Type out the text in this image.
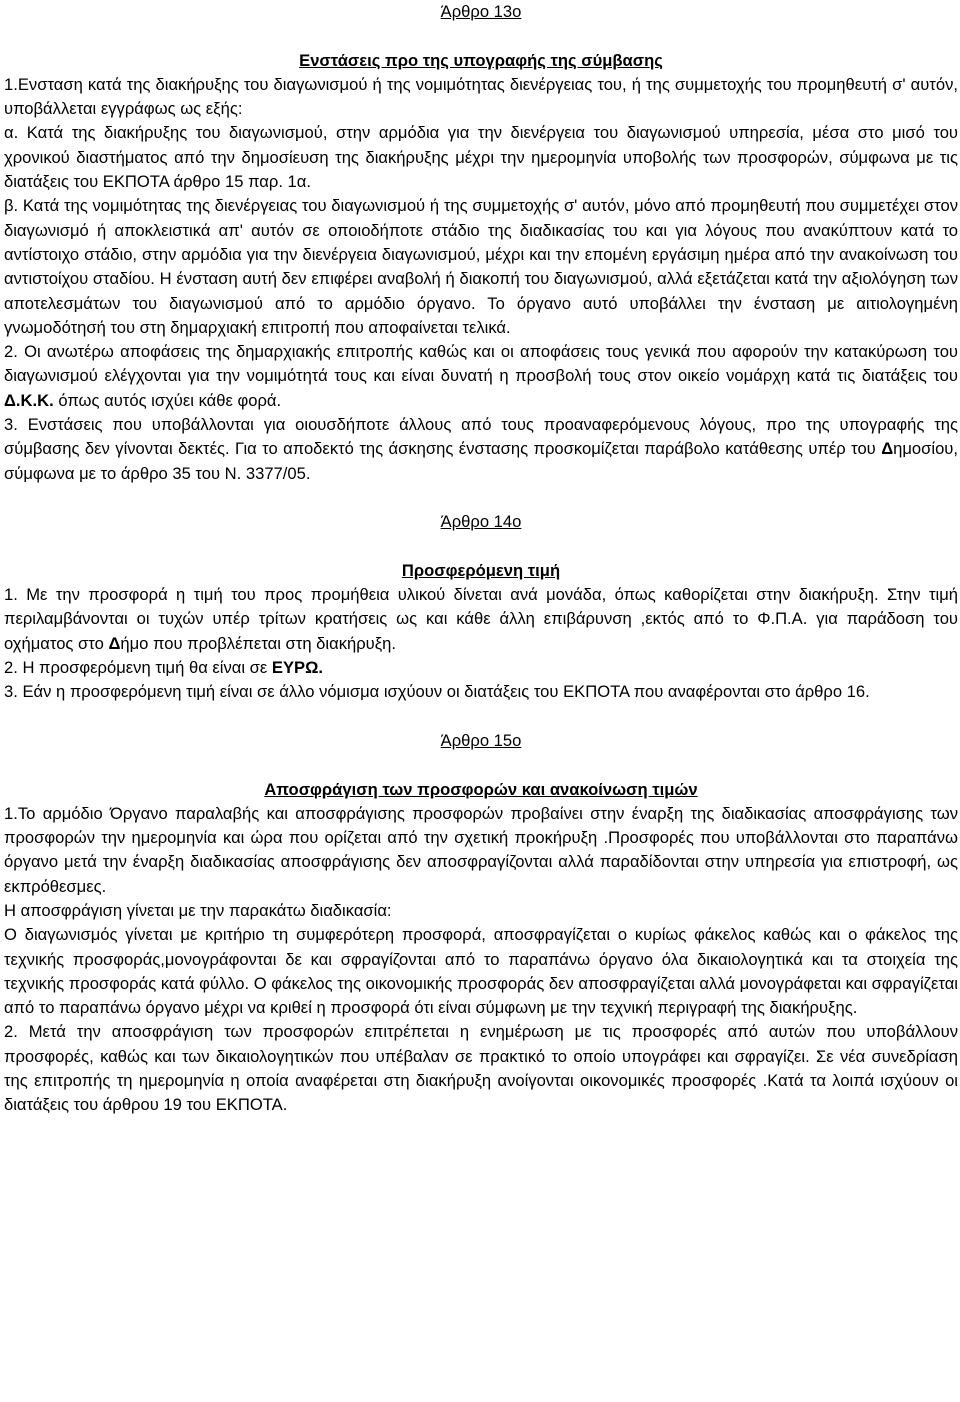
Άρθρο 13ο

Ενστάσεις προ της υπογραφής της σύμβασης

1.Ενσταση κατά της διακήρυξης του διαγωνισμού ή της νομιμότητας διενέργειας του, ή της συμμετοχής του προμηθευτή σ' αυτόν, υποβάλλεται εγγράφως ως εξής:

α. Κατά της διακήρυξης του διαγωνισμού, στην αρμόδια για την διενέργεια του διαγωνισμού υπηρεσία, μέσα στο μισό του χρονικού διαστήματος από την δημοσίευση της διακήρυξης μέχρι την ημερομηνία υποβολής των προσφορών, σύμφωνα με τις διατάξεις του ΕΚΠΟΤΑ άρθρο 15 παρ. 1α.

β. Κατά της νομιμότητας της διενέργειας του διαγωνισμού ή της συμμετοχής σ' αυτόν, μόνο από προμηθευτή που συμμετέχει στον διαγωνισμό ή αποκλειστικά απ' αυτόν σε οποιοδήποτε στάδιο της διαδικασίας του και για λόγους που ανακύπτουν κατά το αντίστοιχο στάδιο, στην αρμόδια για την διενέργεια διαγωνισμού, μέχρι και την επομένη εργάσιμη ημέρα από την ανακοίνωση του αντιστοίχου σταδίου. Η ένσταση αυτή δεν επιφέρει αναβολή ή διακοπή του διαγωνισμού, αλλά εξετάζεται κατά την αξιολόγηση των αποτελεσμάτων του διαγωνισμού από το αρμόδιο όργανο. Το όργανο αυτό υποβάλλει την ένσταση με αιτιολογημένη γνωμοδότησή του στη δημαρχιακή επιτροπή που αποφαίνεται τελικά.

2. Οι ανωτέρω αποφάσεις της δημαρχιακής επιτροπής καθώς και οι αποφάσεις τους γενικά που αφορούν την κατακύρωση του διαγωνισμού ελέγχονται για την νομιμότητά τους και είναι δυνατή η προσβολή τους στον οικείο νομάρχη κατά τις διατάξεις του Δ.Κ.Κ. όπως αυτός ισχύει κάθε φορά.

3. Ενστάσεις που υποβάλλονται για οιουσδήποτε άλλους από τους προαναφερόμενους λόγους, προ της υπογραφής της σύμβασης δεν γίνονται δεκτές. Για το αποδεκτό της άσκησης ένστασης προσκομίζεται παράβολο κατάθεσης υπέρ του Δημοσίου, σύμφωνα με το άρθρο 35 του Ν. 3377/05.

Άρθρο 14ο

Προσφερόμενη τιμή

1. Με την προσφορά η τιμή του προς προμήθεια υλικού δίνεται ανά μονάδα, όπως καθορίζεται στην διακήρυξη. Στην τιμή περιλαμβάνονται οι τυχών υπέρ τρίτων κρατήσεις ως και κάθε άλλη επιβάρυνση ,εκτός από το Φ.Π.Α. για παράδοση του οχήματος στο Δήμο που προβλέπεται στη διακήρυξη.

2. Η προσφερόμενη τιμή θα είναι σε ΕΥΡΩ.

3. Εάν η προσφερόμενη τιμή είναι σε άλλο νόμισμα ισχύουν οι διατάξεις του ΕΚΠΟΤΑ που αναφέρονται στο άρθρο 16.

Άρθρο 15ο

Αποσφράγιση των προσφορών και ανακοίνωση τιμών

1.Το αρμόδιο Όργανο παραλαβής και αποσφράγισης προσφορών προβαίνει στην έναρξη της διαδικασίας αποσφράγισης των προσφορών την ημερομηνία και ώρα που ορίζεται από την σχετική προκήρυξη .Προσφορές που υποβάλλονται στο παραπάνω όργανο μετά την έναρξη διαδικασίας αποσφράγισης δεν αποσφραγίζονται αλλά παραδίδονται στην υπηρεσία για επιστροφή, ως εκπρόθεσμες.

Η αποσφράγιση γίνεται με την παρακάτω διαδικασία:

Ο διαγωνισμός γίνεται με κριτήριο τη συμφερότερη προσφορά, αποσφραγίζεται ο κυρίως φάκελος καθώς και ο φάκελος της τεχνικής προσφοράς,μονογράφονται δε και σφραγίζονται από το παραπάνω όργανο όλα δικαιολογητικά και τα στοιχεία της τεχνικής προσφοράς κατά φύλλο. Ο φάκελος της οικονομικής προσφοράς δεν αποσφραγίζεται αλλά μονογράφεται και σφραγίζεται από το παραπάνω όργανο μέχρι να κριθεί η προσφορά ότι είναι σύμφωνη με την τεχνική περιγραφή της διακήρυξης.

2. Μετά την αποσφράγιση των προσφορών επιτρέπεται η ενημέρωση με τις προσφορές από αυτών που υποβάλλουν προσφορές, καθώς και των δικαιολογητικών που υπέβαλαν σε πρακτικό το οποίο υπογράφει και σφραγίζει. Σε νέα συνεδρίαση της επιτροπής τη ημερομηνία η οποία αναφέρεται στη διακήρυξη ανοίγονται οικονομικές προσφορές .Κατά τα λοιπά ισχύουν οι διατάξεις του άρθρου 19 του ΕΚΠΟΤΑ.
